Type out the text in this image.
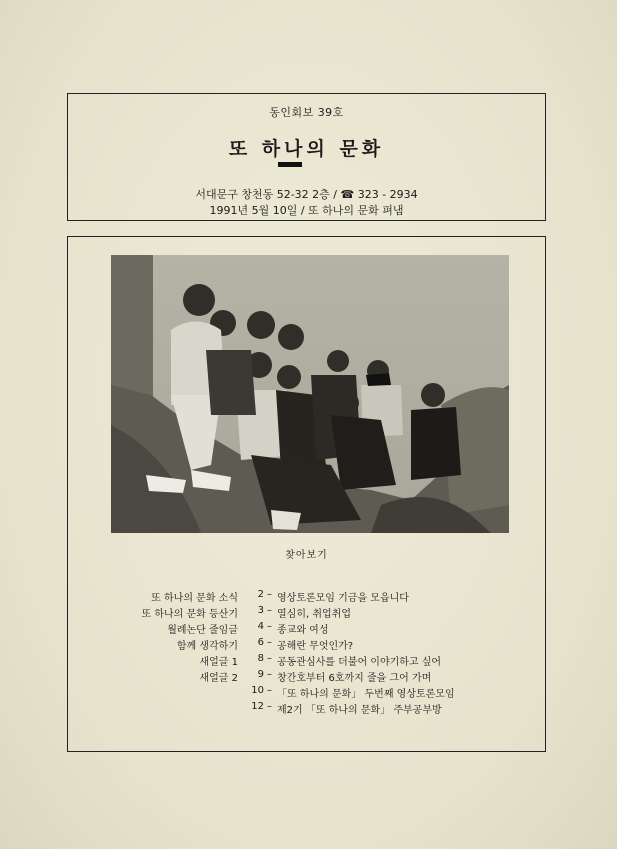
동인회보 39호
또 하나의 문화
서대문구 창천동 52-32 2층 / ☎ 323 - 2934
1991년 5월 10일 / 또 하나의 문화 펴냄
찾아보기
또 하나의 문화 소식	2 – 영상토론모임 기금을 모읍니다
또 하나의 문화 등산기	3 – 열심히, 취업취업
월례논단 줄임글	4 – 종교와 여성
함께 생각하기	6 – 공해란 무엇인가?
새얼글 1	8 – 공동관심사를 더불어 이야기하고 싶어
새얼글 2	9 – 창간호부터 6호까지 줄을 그어 가며
10 – 「또 하나의 문화」 두번째 영상토론모임
12 – 제2기 「또 하나의 문화」 주부공부방
